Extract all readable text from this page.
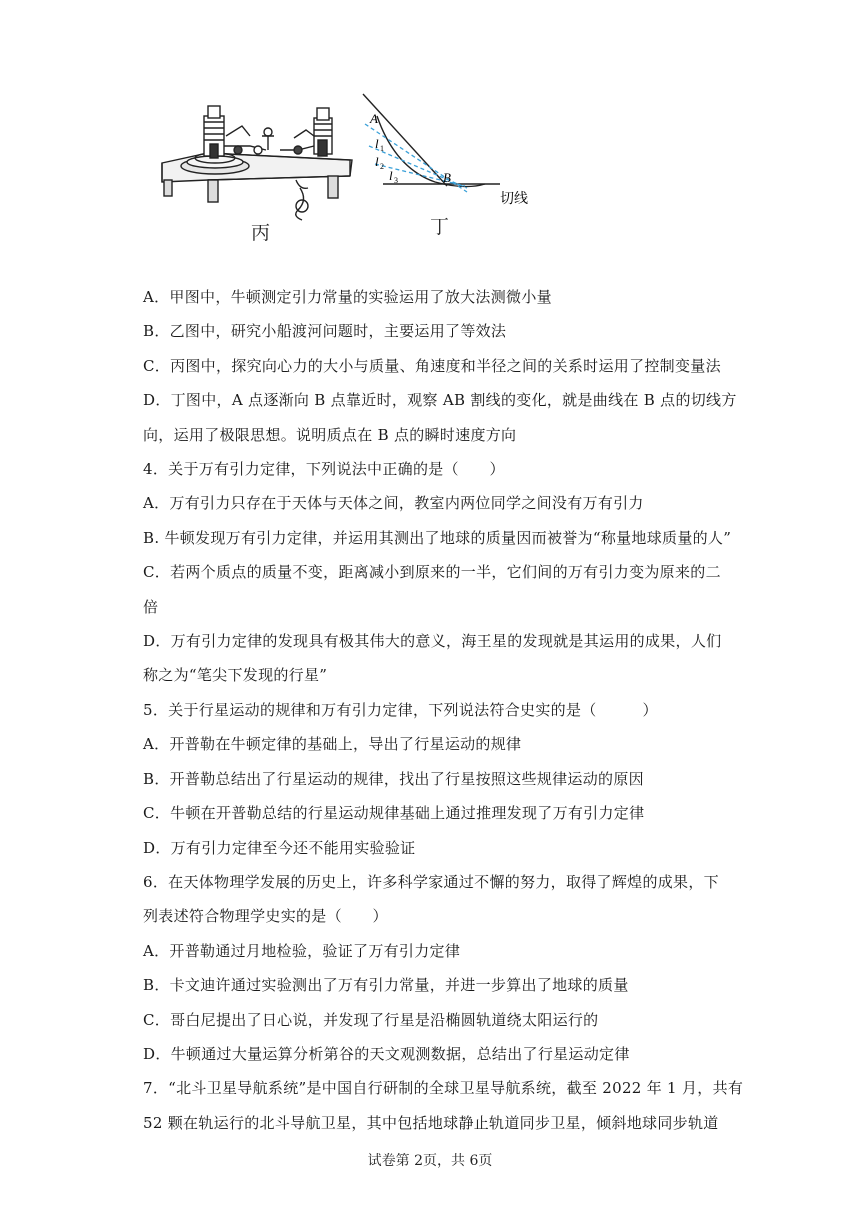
丙
A
B
l 1
l 2
l 3
切线
丁
A．甲图中，牛顿测定引力常量的实验运用了放大法测微小量
B．乙图中，研究小船渡河问题时，主要运用了等效法
C．丙图中，探究向心力的大小与质量、角速度和半径之间的关系时运用了控制变量法
D．丁图中，A 点逐渐向 B 点靠近时，观察 AB 割线的变化，就是曲线在 B 点的切线方
向，运用了极限思想。说明质点在 B 点的瞬时速度方向
4．关于万有引力定律，下列说法中正确的是（　　）
A．万有引力只存在于天体与天体之间，教室内两位同学之间没有万有引力
B. 牛顿发现万有引力定律，并运用其测出了地球的质量因而被誉为“称量地球质量的人”
C．若两个质点的质量不变，距离减小到原来的一半，它们间的万有引力变为原来的二
倍
D．万有引力定律的发现具有极其伟大的意义，海王星的发现就是其运用的成果，人们
称之为“笔尖下发现的行星”
5．关于行星运动的规律和万有引力定律，下列说法符合史实的是（　　　）
A．开普勒在牛顿定律的基础上，导出了行星运动的规律
B．开普勒总结出了行星运动的规律，找出了行星按照这些规律运动的原因
C．牛顿在开普勒总结的行星运动规律基础上通过推理发现了万有引力定律
D．万有引力定律至今还不能用实验验证
6．在天体物理学发展的历史上，许多科学家通过不懈的努力，取得了辉煌的成果，下
列表述符合物理学史实的是（　　）
A．开普勒通过月地检验，验证了万有引力定律
B．卡文迪许通过实验测出了万有引力常量，并进一步算出了地球的质量
C．哥白尼提出了日心说，并发现了行星是沿椭圆轨道绕太阳运行的
D．牛顿通过大量运算分析第谷的天文观测数据，总结出了行星运动定律
7．“北斗卫星导航系统”是中国自行研制的全球卫星导航系统，截至 2022 年 1 月，共有
52 颗在轨运行的北斗导航卫星，其中包括地球静止轨道同步卫星，倾斜地球同步轨道
试卷第 2页，共 6页
